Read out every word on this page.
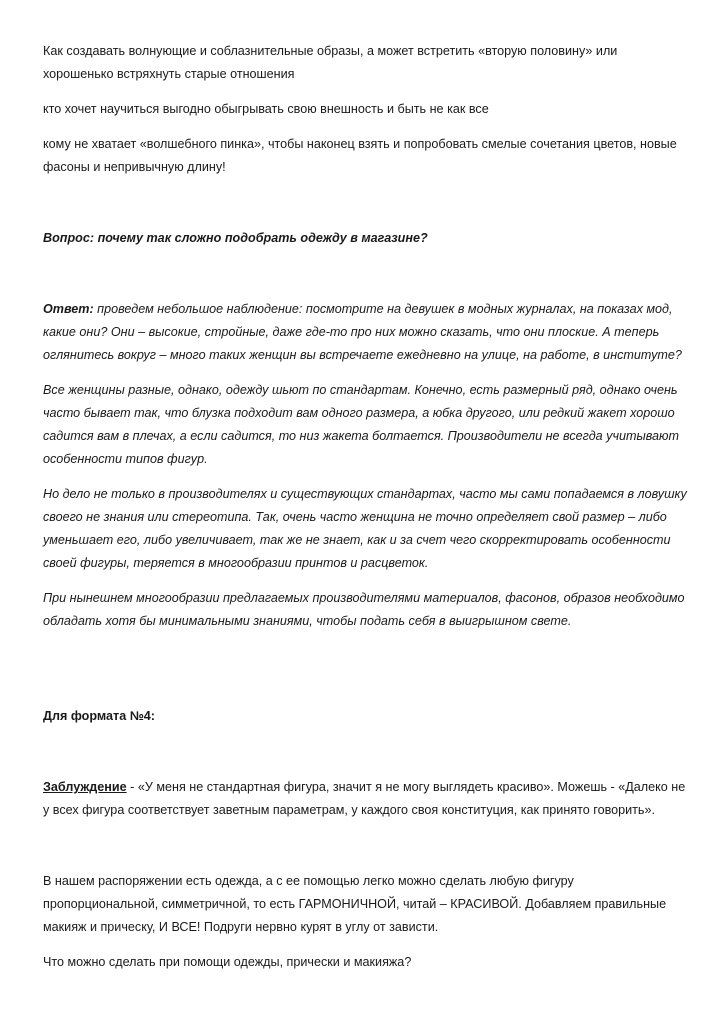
Как создавать волнующие и соблазнительные образы, а может встретить «вторую половину» или хорошенько встряхнуть старые отношения

кто хочет научиться выгодно обыгрывать свою внешность и быть не как все

кому не хватает «волшебного пинка», чтобы наконец взять и попробовать смелые сочетания цветов, новые фасоны и непривычную длину!

Вопрос: почему так сложно подобрать одежду в магазине?

Ответ: проведем небольшое наблюдение: посмотрите на девушек в модных журналах, на показах мод, какие они? Они – высокие, стройные, даже где-то про них можно сказать, что они плоские. А теперь оглянитесь вокруг – много таких женщин вы встречаете ежедневно на улице, на работе, в институте?

Все женщины разные, однако, одежду шьют по стандартам. Конечно, есть размерный ряд, однако очень часто бывает так, что блузка подходит вам одного размера, а юбка другого, или редкий жакет хорошо садится вам в плечах, а если садится, то низ жакета болтается. Производители не всегда учитывают особенности типов фигур.

Но дело не только в производителях и существующих стандартах, часто мы сами попадаемся в ловушку своего не знания или стереотипа. Так, очень часто женщина не точно определяет свой размер – либо уменьшает его, либо увеличивает, так же не знает, как и за счет чего скорректировать особенности своей фигуры, теряется в многообразии принтов и расцветок.

При нынешнем многообразии предлагаемых производителями материалов, фасонов, образов необходимо обладать хотя бы минимальными знаниями, чтобы подать себя в выигрышном свете.

Для формата №4:

Заблуждение - «У меня не стандартная фигура, значит я не могу выглядеть красиво». Можешь - «Далеко не у всех фигура соответствует заветным параметрам, у каждого своя конституция, как принято говорить».

В нашем распоряжении есть одежда, а с ее помощью легко можно сделать любую фигуру пропорциональной, симметричной, то есть ГАРМОНИЧНОЙ, читай – КРАСИВОЙ. Добавляем правильные макияж и прическу, И ВСЕ! Подруги нервно курят в углу от зависти.

Что можно сделать при помощи одежды, прически и макияжа?
